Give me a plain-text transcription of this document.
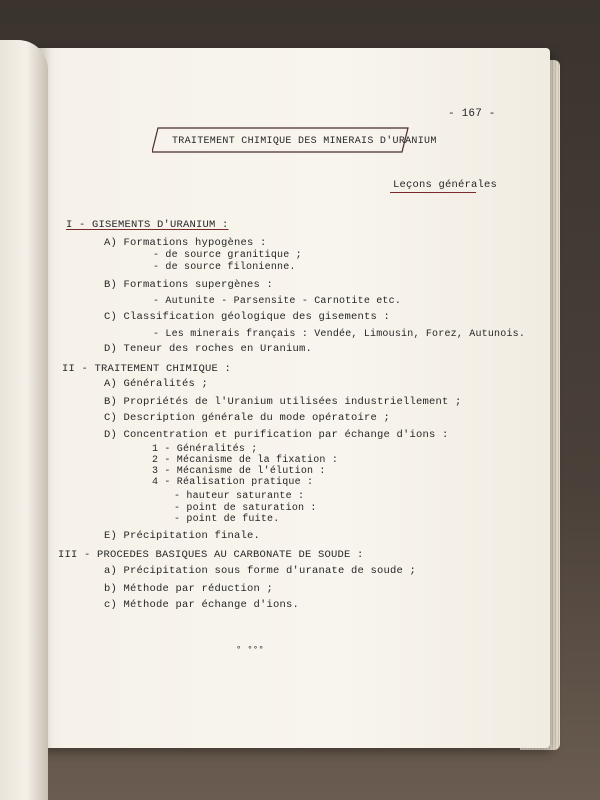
- 167 -
TRAITEMENT CHIMIQUE DES MINERAIS D'URANIUM
Leçons générales
I - GISEMENTS D'URANIUM :
A) Formations hypogènes :
- de source granitique ;
- de source filonienne.
B) Formations supergènes :
- Autunite - Parsensite - Carnotite etc.
C) Classification géologique des gisements :
- Les minerais français : Vendée, Limousin, Forez, Autunois.
D) Teneur des roches en Uranium.
II - TRAITEMENT CHIMIQUE :
A) Généralités ;
B) Propriétés de l'Uranium utilisées industriellement ;
C) Description générale du mode opératoire ;
D) Concentration et purification par échange d'ions :
1 - Généralités ;
2 - Mécanisme de la fixation :
3 - Mécanisme de l'élution :
4 - Réalisation pratique :
- hauteur saturante :
- point de saturation :
- point de fuite.
E) Précipitation finale.
III - PROCEDES BASIQUES AU CARBONATE DE SOUDE :
a) Précipitation sous forme d'uranate de soude ;
b) Méthode par réduction ;
c) Méthode par échange d'ions.
° °°°
